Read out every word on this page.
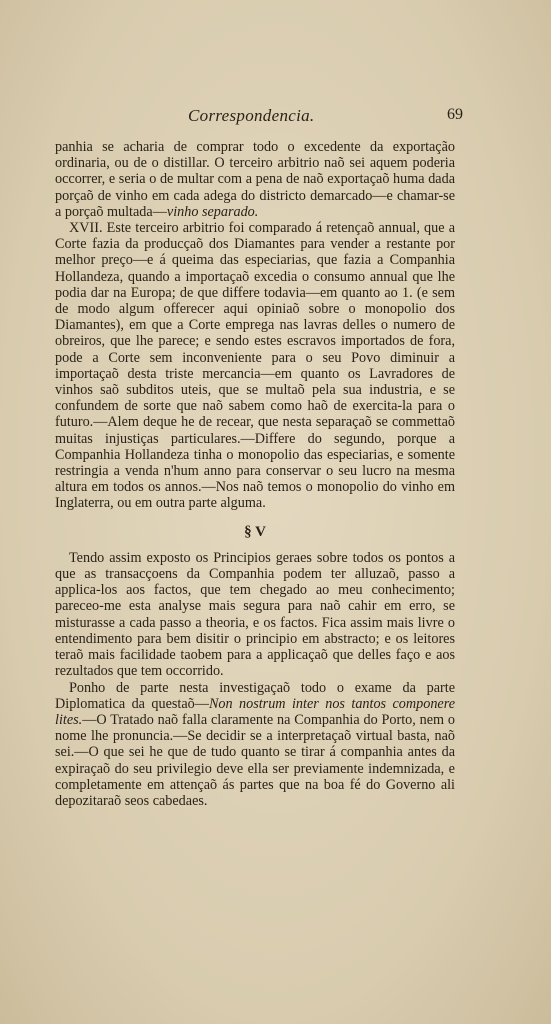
Correspondencia.	69

panhia se acharia de comprar todo o excedente da exportação ordinaria, ou de o distillar. O terceiro arbitrio naõ sei aquem poderia occorrer, e seria o de multar com a pena de naõ exportaçaõ huma dada porçaõ de vinho em cada adega do districto demarcado—e chamar-se a porçaõ multada—vinho separado.

XVII. Este terceiro arbitrio foi comparado á retençaõ annual, que a Corte fazia da producçaõ dos Diamantes para vender a restante por melhor preço—e á queima das especiarias, que fazia a Companhia Hollandeza, quando a importaçaõ excedia o consumo annual que lhe podia dar na Europa; de que differe todavia—em quanto ao 1. (e sem de modo algum offerecer aqui opiniaõ sobre o monopolio dos Diamantes), em que a Corte emprega nas lavras delles o numero de obreiros, que lhe parece; e sendo estes escravos importados de fora, pode a Corte sem inconveniente para o seu Povo diminuir a importaçaõ desta triste mercancia—em quanto os Lavradores de vinhos saõ subditos uteis, que se multaõ pela sua industria, e se confundem de sorte que naõ sabem como haõ de exercita-la para o futuro.—Alem deque he de recear, que nesta separaçaõ se commettaõ muitas injustiças particulares.—Differe do segundo, porque a Companhia Hollandeza tinha o monopolio das especiarias, e somente restringia a venda n'hum anno para conservar o seu lucro na mesma altura em todos os annos.—Nos naõ temos o monopolio do vinho em Inglaterra, ou em outra parte alguma.

§ V

Tendo assim exposto os Principios geraes sobre todos os pontos a que as transacçoens da Companhia podem ter alluzaõ, passo a applica-los aos factos, que tem chegado ao meu conhecimento; pareceo-me esta analyse mais segura para naõ cahir em erro, se misturasse a cada passo a theoria, e os factos. Fica assim mais livre o entendimento para bem disitir o principio em abstracto; e os leitores teraõ mais facilidade taobem para a applicaçaõ que delles faço e aos rezultados que tem occorrido.

Ponho de parte nesta investigaçaõ todo o exame da parte Diplomatica da questaõ—Non nostrum inter nos tantos componere lites.—O Tratado naõ falla claramente na Companhia do Porto, nem o nome lhe pronuncia.—Se decidir se a interpretaçaõ virtual basta, naõ sei.—O que sei he que de tudo quanto se tirar á companhia antes da expiraçaõ do seu privilegio deve ella ser previamente indemnizada, e completamente em attençaõ ás partes que na boa fé do Governo ali depozitaraõ seos cabedaes.
